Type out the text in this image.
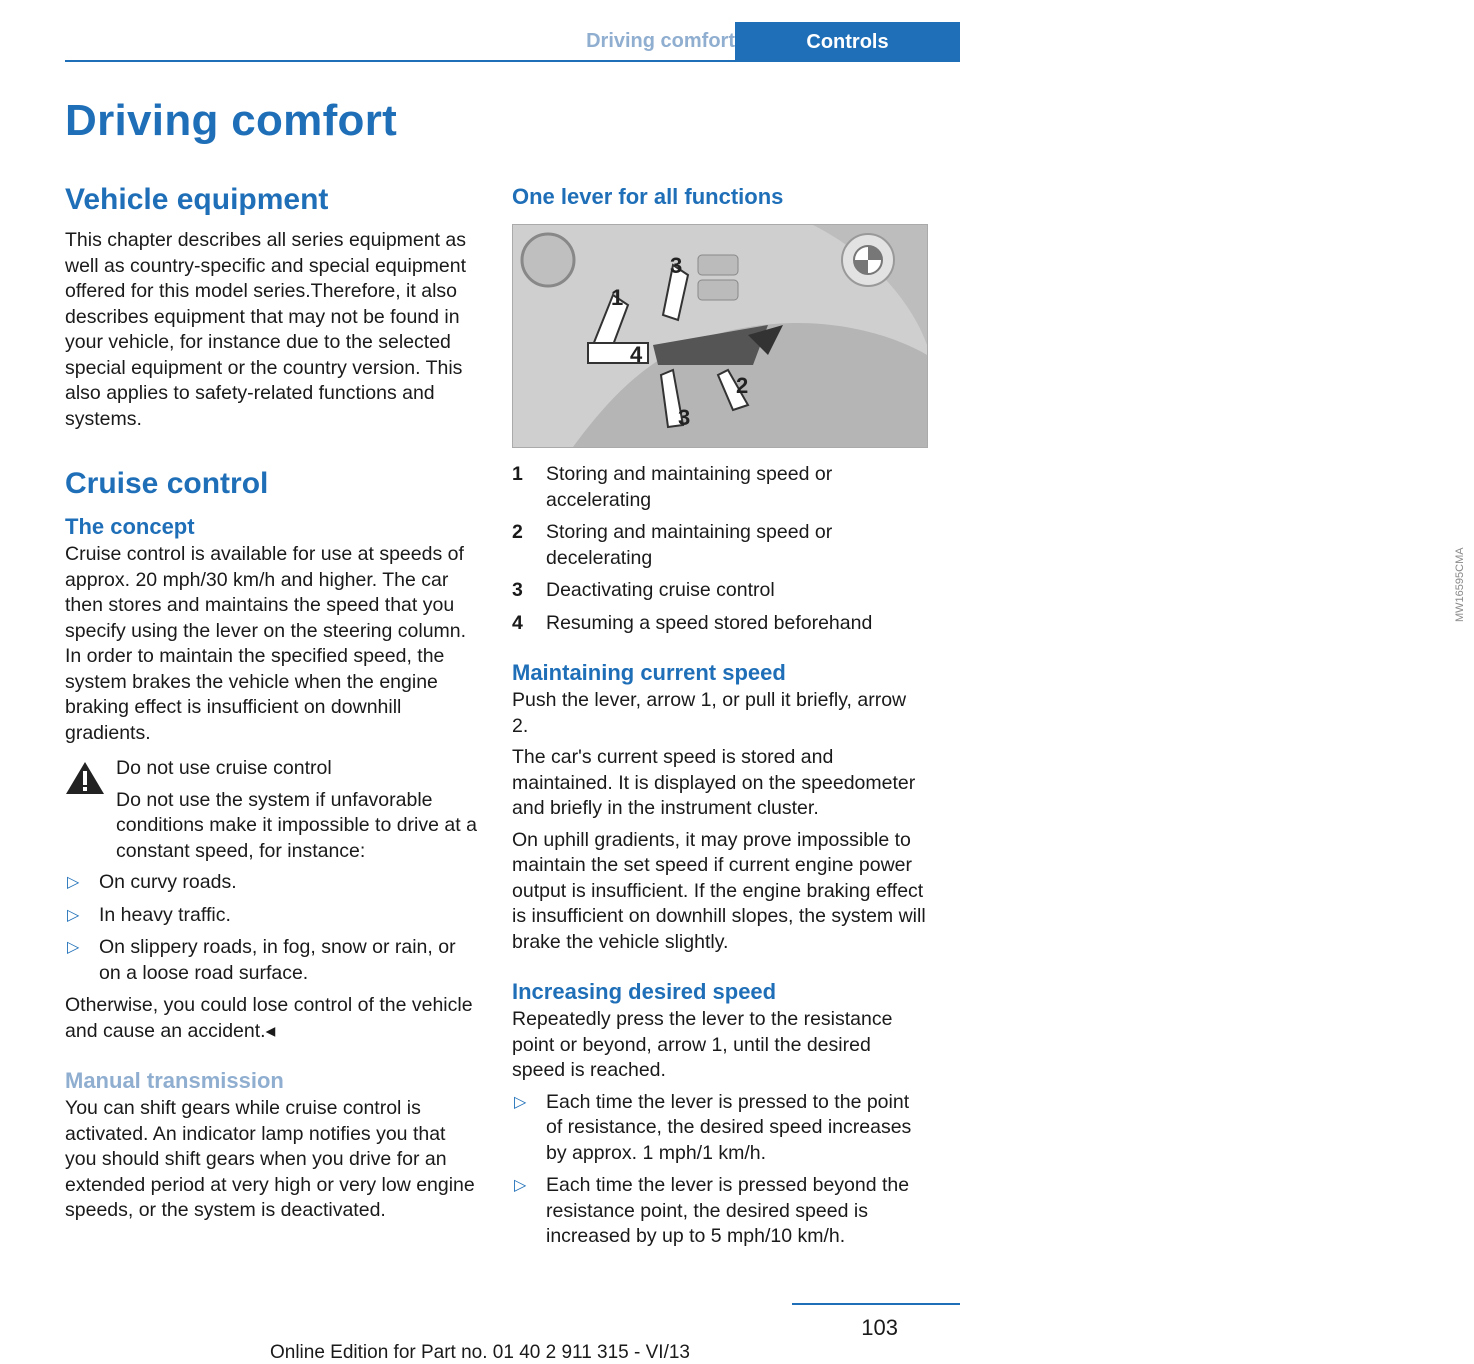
Driving comfort	Controls
Driving comfort
Vehicle equipment

This chapter describes all series equipment as well as country-specific and special equipment offered for this model series.Therefore, it also describes equipment that may not be found in your vehicle, for instance due to the selected special equipment or the country version. This also applies to safety-related functions and systems.

Cruise control
The concept

Cruise control is available for use at speeds of approx. 20 mph/30 km/h and higher. The car then stores and maintains the speed that you specify using the lever on the steering column. In order to maintain the specified speed, the system brakes the vehicle when the engine braking effect is insufficient on downhill gradients.

Do not use cruise control

Do not use the system if unfavorable conditions make it impossible to drive at a constant speed, for instance:

▷ On curvy roads.
▷ In heavy traffic.
▷ On slippery roads, in fog, snow or rain, or on a loose road surface.

Otherwise, you could lose control of the vehicle and cause an accident.◂

Manual transmission

You can shift gears while cruise control is activated. An indicator lamp notifies you that you should shift gears when you drive for an extended period at very high or very low engine speeds, or the system is deactivated.

One lever for all functions
1
3
2
3
4
MW16595CMA
1 Storing and maintaining speed or accelerating
2 Storing and maintaining speed or decelerating
3 Deactivating cruise control
4 Resuming a speed stored beforehand
Maintaining current speed

Push the lever, arrow 1, or pull it briefly, arrow 2.

The car's current speed is stored and maintained. It is displayed on the speedometer and briefly in the instrument cluster.

On uphill gradients, it may prove impossible to maintain the set speed if current engine power output is insufficient. If the engine braking effect is insufficient on downhill slopes, the system will brake the vehicle slightly.

Increasing desired speed

Repeatedly press the lever to the resistance point or beyond, arrow 1, until the desired speed is reached.

▷ Each time the lever is pressed to the point of resistance, the desired speed increases by approx. 1 mph/1 km/h.
▷ Each time the lever is pressed beyond the resistance point, the desired speed is increased by up to 5 mph/10 km/h.
103
Online Edition for Part no. 01 40 2 911 315 - VI/13
